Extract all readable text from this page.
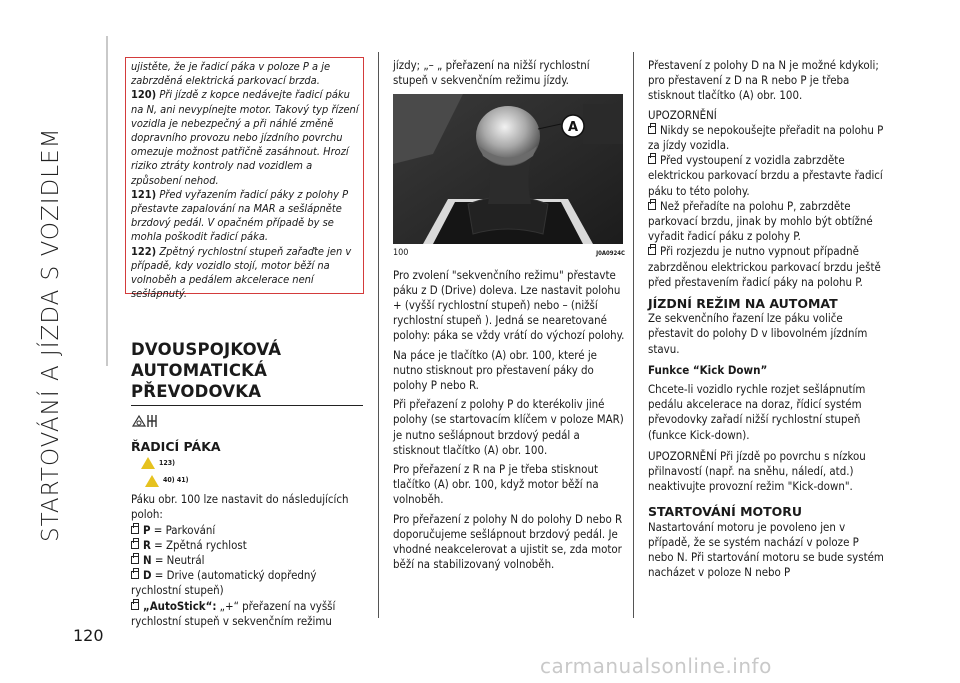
STARTOVÁNÍ A JÍZDA S VOZIDLEM
120

ujistěte, že je řadicí páka v poloze P a je zabrzděná elektrická parkovací brzda.

120) Při jízdě z kopce nedávejte řadicí páku na N, ani nevypínejte motor. Takový typ řízení vozidla je nebezpečný a při náhlé změně dopravního provozu nebo jízdního povrchu omezuje možnost patřičně zasáhnout. Hrozí riziko ztráty kontroly nad vozidlem a způsobení nehod.

121) Před vyřazením řadicí páky z polohy P přestavte zapalování na MAR a sešlápněte brzdový pedál. V opačném případě by se mohla poškodit řadicí páka.

122) Zpětný rychlostní stupeň zařaďte jen v případě, kdy vozidlo stojí, motor běží na volnoběh a pedálem akcelerace není sešlápnutý.

DVOUSPOJKOVÁ AUTOMATICKÁ PŘEVODOVKA
ŘADICÍ PÁKA
123)
40) 41)

Páku obr. 100 lze nastavit do následujících poloh:

P = Parkování

R = Zpětná rychlost

N = Neutrál

D = Drive (automatický dopředný rychlostní stupeň)

„AutoStick“: „+“ přeřazení na vyšší rychlostní stupeň v sekvenčním režimu

jízdy; „– „ přeřazení na nižší rychlostní stupeň v sekvenčním režimu jízdy.

A
100	J0A0924C

Pro zvolení "sekvenčního režimu" přestavte páku z D (Drive) doleva. Lze nastavit polohu + (vyšší rychlostní stupeň) nebo – (nižší rychlostní stupeň ). Jedná se nearetované polohy: páka se vždy vrátí do výchozí polohy.

Na páce je tlačítko (A) obr. 100, které je nutno stisknout pro přestavení páky do polohy P nebo R.

Při přeřazení z polohy P do kterékoliv jiné polohy (se startovacím klíčem v poloze MAR) je nutno sešlápnout brzdový pedál a stisknout tlačítko (A) obr. 100.

Pro přeřazení z R na P je třeba stisknout tlačítko (A) obr. 100, když motor běží na volnoběh.

Pro přeřazení z polohy N do polohy D nebo R doporučujeme sešlápnout brzdový pedál. Je vhodné neakcelerovat a ujistit se, zda motor běží na stabilizovaný volnoběh.

Přestavení z polohy D na N je možné kdykoli; pro přestavení z D na R nebo P je třeba stisknout tlačítko (A) obr. 100.

UPOZORNĚNÍ

Nikdy se nepokoušejte přeřadit na polohu P za jízdy vozidla.

Před vystoupení z vozidla zabrzděte elektrickou parkovací brzdu a přestavte řadicí páku to této polohy.

Než přeřadíte na polohu P, zabrzděte parkovací brzdu, jinak by mohlo být obtížné vyřadit řadicí páku z polohy P.

Při rozjezdu je nutno vypnout případně zabrzděnou elektrickou parkovací brzdu ještě před přestavením řadicí páky na polohu P.

JÍZDNÍ REŽIM NA AUTOMAT

Ze sekvenčního řazení lze páku voliče přestavit do polohy D v libovolném jízdním stavu.

Funkce “Kick Down”

Chcete-li vozidlo rychle rozjet sešlápnutím pedálu akcelerace na doraz, řídicí systém převodovky zařadí nižší rychlostní stupeň (funkce Kick-down).

UPOZORNĚNÍ Při jízdě po povrchu s nízkou přilnavostí (např. na sněhu, náledí, atd.) neaktivujte provozní režim "Kick-down".

STARTOVÁNÍ MOTORU

Nastartování motoru je povoleno jen v případě, že se systém nachází v poloze P nebo N. Při startování motoru se bude systém nacházet v poloze N nebo P

carmanualsonline.info
